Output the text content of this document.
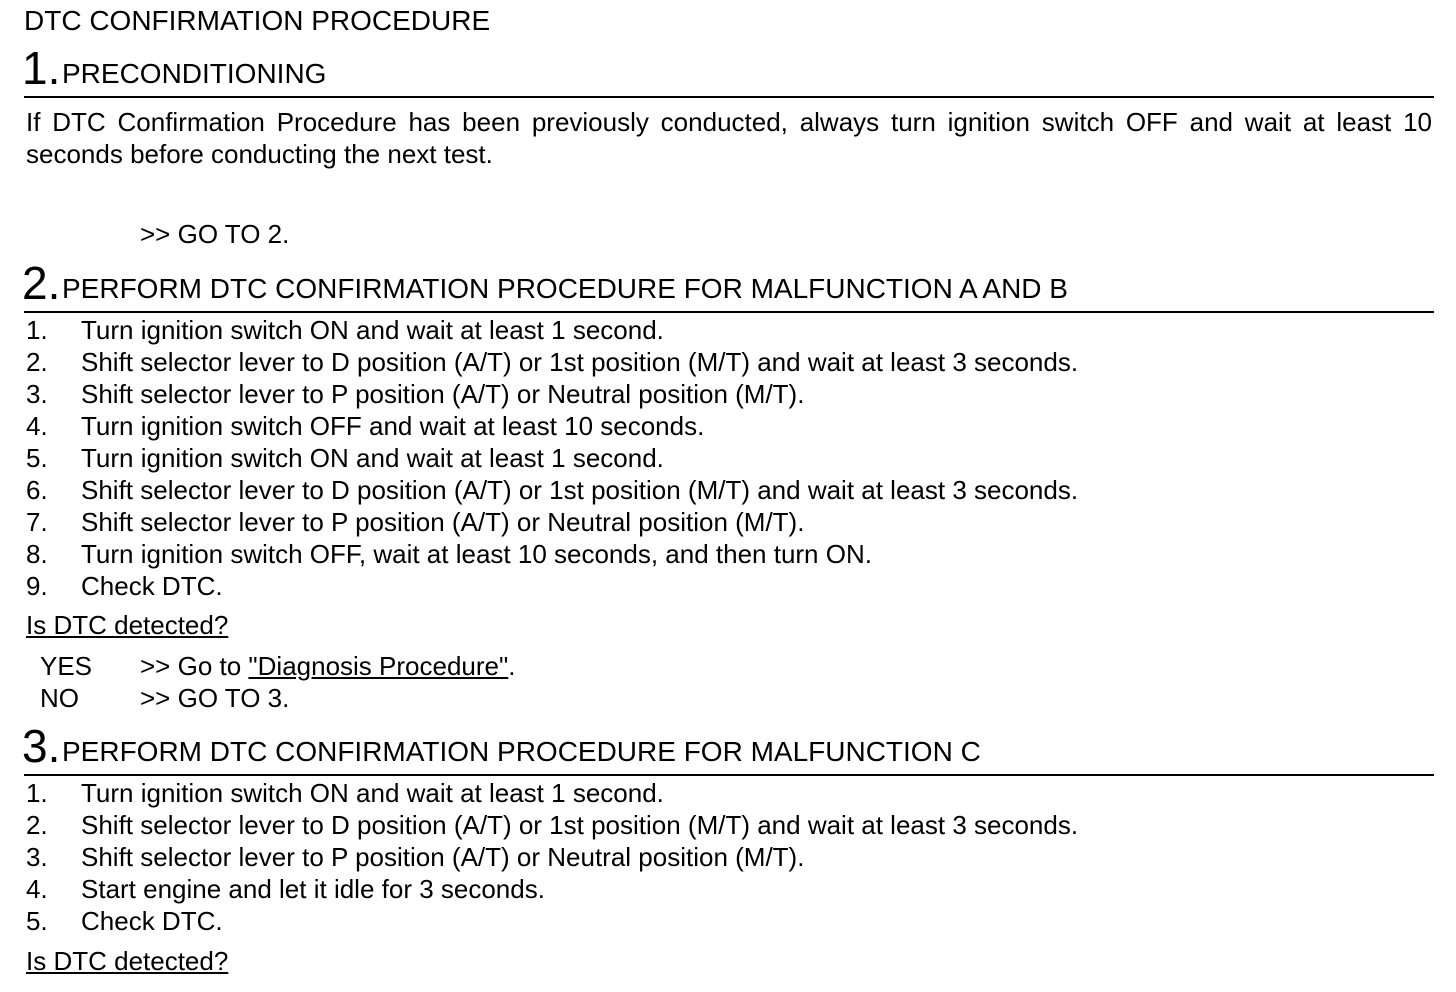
DTC CONFIRMATION PROCEDURE
1. PRECONDITIONING

If DTC Confirmation Procedure has been previously conducted, always turn ignition switch OFF and wait at least 10 seconds before conducting the next test.

>> GO TO 2.
2. PERFORM DTC CONFIRMATION PROCEDURE FOR MALFUNCTION A AND B
1.	Turn ignition switch ON and wait at least 1 second.
2.	Shift selector lever to D position (A/T) or 1st position (M/T) and wait at least 3 seconds.
3.	Shift selector lever to P position (A/T) or Neutral position (M/T).
4.	Turn ignition switch OFF and wait at least 10 seconds.
5.	Turn ignition switch ON and wait at least 1 second.
6.	Shift selector lever to D position (A/T) or 1st position (M/T) and wait at least 3 seconds.
7.	Shift selector lever to P position (A/T) or Neutral position (M/T).
8.	Turn ignition switch OFF, wait at least 10 seconds, and then turn ON.
9.	Check DTC.
Is DTC detected?
YES >> Go to "Diagnosis Procedure".
NO >> GO TO 3.
3. PERFORM DTC CONFIRMATION PROCEDURE FOR MALFUNCTION C
1.	Turn ignition switch ON and wait at least 1 second.
2.	Shift selector lever to D position (A/T) or 1st position (M/T) and wait at least 3 seconds.
3.	Shift selector lever to P position (A/T) or Neutral position (M/T).
4.	Start engine and let it idle for 3 seconds.
5.	Check DTC.
Is DTC detected?
